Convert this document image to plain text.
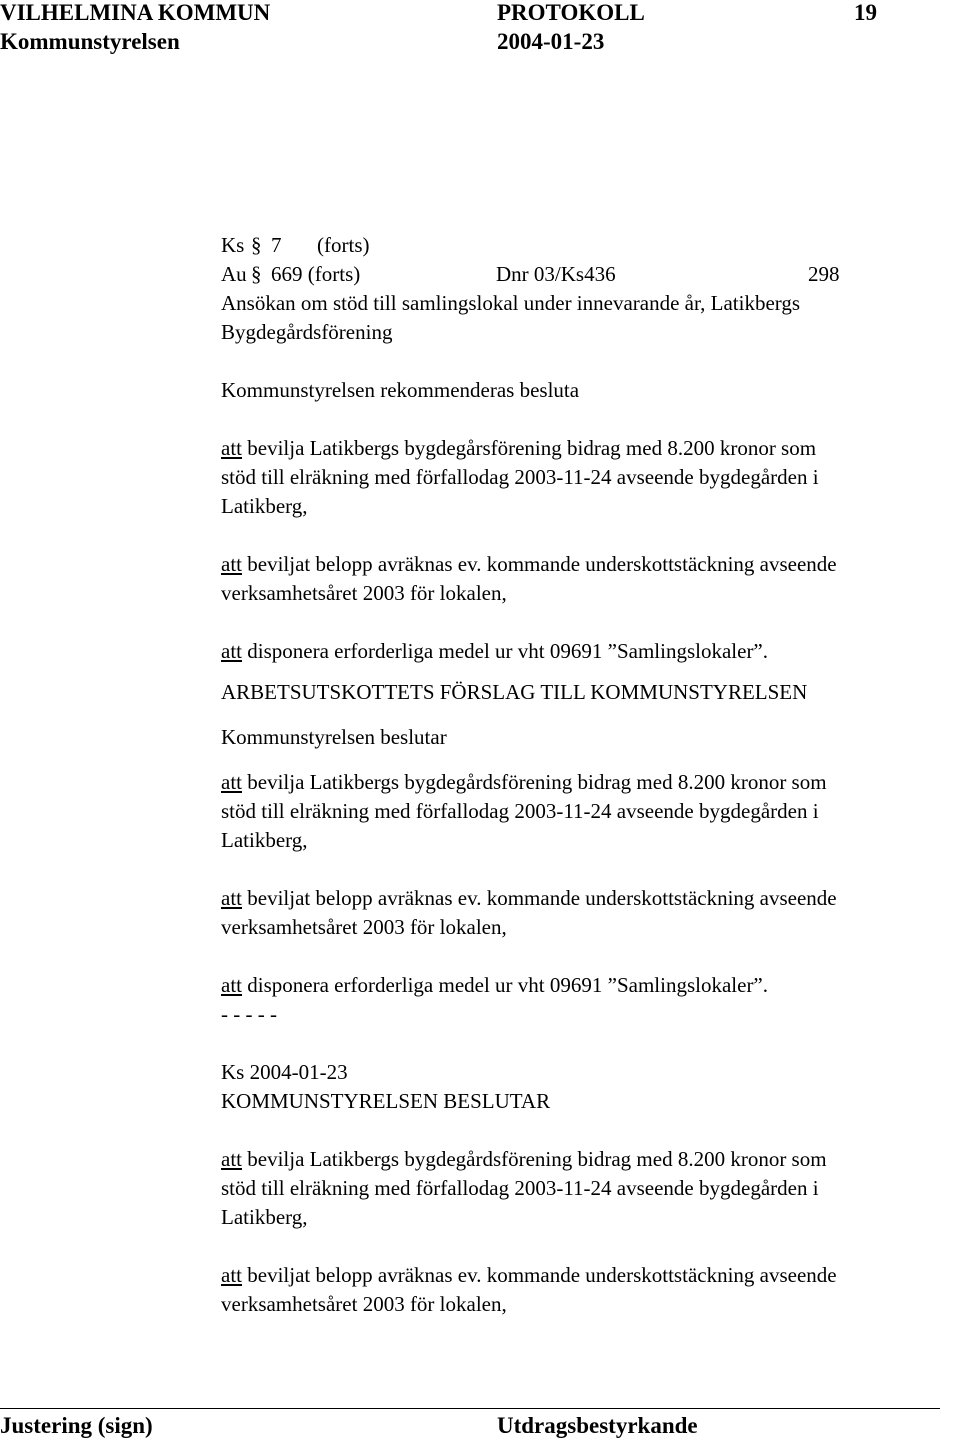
VILHELMINA KOMMUN	PROTOKOLL	19
Kommunstyrelsen	2004-01-23
Ks § 7 (forts)
Au § 669 (forts)	Dnr 03/Ks436	298
Ansökan om stöd till samlingslokal under innevarande år, Latikbergs
Bygdegårdsförening
Kommunstyrelsen rekommenderas besluta
att bevilja Latikbergs bygdegårsförening bidrag med 8.200 kronor som
stöd till elräkning med förfallodag 2003-11-24 avseende bygdegården i
Latikberg,
att beviljat belopp avräknas ev. kommande underskottstäckning avseende
verksamhetsåret 2003 för lokalen,
att disponera erforderliga medel ur vht 09691 ”Samlingslokaler”.
ARBETSUTSKOTTETS FÖRSLAG TILL KOMMUNSTYRELSEN
Kommunstyrelsen beslutar
att bevilja Latikbergs bygdegårdsförening bidrag med 8.200 kronor som
stöd till elräkning med förfallodag 2003-11-24 avseende bygdegården i
Latikberg,
att beviljat belopp avräknas ev. kommande underskottstäckning avseende
verksamhetsåret 2003 för lokalen,
att disponera erforderliga medel ur vht 09691 ”Samlingslokaler”.
- - - - -
Ks 2004-01-23
KOMMUNSTYRELSEN BESLUTAR
att bevilja Latikbergs bygdegårdsförening bidrag med 8.200 kronor som
stöd till elräkning med förfallodag 2003-11-24 avseende bygdegården i
Latikberg,
att beviljat belopp avräknas ev. kommande underskottstäckning avseende
verksamhetsåret 2003 för lokalen,
Justering (sign)	Utdragsbestyrkande
